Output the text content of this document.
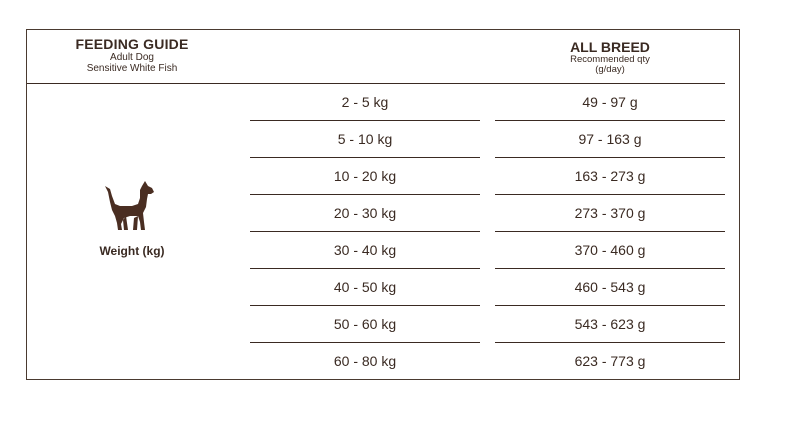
FEEDING GUIDE
Adult Dog
Sensitive White Fish
ALL BREED
Recommended qty
(g/day)
Weight (kg)
2 - 5 kg	49 - 97 g
5 - 10 kg	97 - 163 g
10 - 20 kg	163 - 273 g
20 - 30 kg	273 - 370 g
30 - 40 kg	370 - 460 g
40 - 50 kg	460 - 543 g
50 - 60 kg	543 - 623 g
60 - 80 kg	623 - 773 g
